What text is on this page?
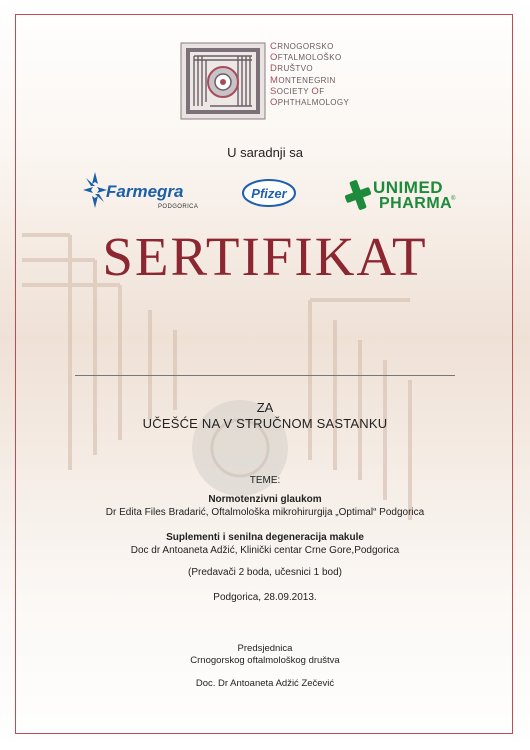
CRNOGORSKO
OFTALMOLOŠKO
DRUŠTVO
MONTENEGRIN
SOCIETY OF
OPHTHALMOLOGY
U saradnji sa
Farmegra
PODGORICA
Pfizer	UNIMED
PHARMA
®
SERTIFIKAT
ZA
UČEŠĆE NA V STRUČNOM SASTANKU
TEME:
Normotenzivni glaukom
Dr Edita Files Bradarić, Oftalmološka mikrohirurgija „Optimal“ Podgorica
Suplementi i senilna degeneracija makule
Doc dr Antoaneta Adžić, Klinički centar Crne Gore,Podgorica
(Predavači 2 boda, učesnici 1 bod)
Podgorica, 28.09.2013.
Predsjednica
Crnogorskog oftalmološkog društva
Doc. Dr Antoaneta Adžić Zečević
